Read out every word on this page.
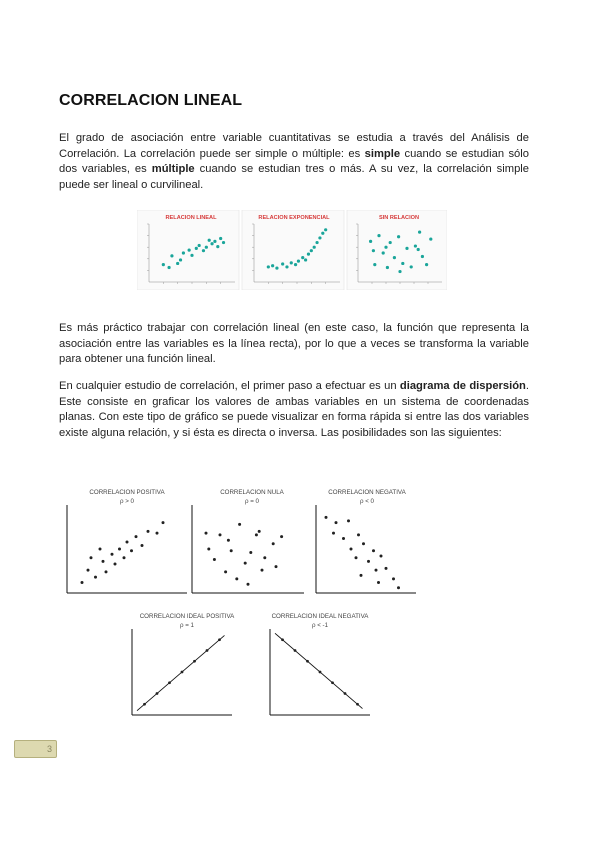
CORRELACION LINEAL

El grado de asociación entre variable cuantitativas se estudia a través del Análisis de Correlación. La correlación puede ser simple o múltiple: es simple cuando se estudian sólo dos variables, es múltiple cuando se estudian tres o más. A su vez, la correlación simple puede ser lineal o curvilineal.

RELACION LINEAL	RELACION EXPONENCIAL	SIN RELACION

Es más práctico trabajar con correlación lineal (en este caso, la función que representa la asociación entre las variables es la línea recta), por lo que a veces se transforma la variable para obtener una función lineal.

En cualquier estudio de correlación, el primer paso a efectuar es un diagrama de dispersión. Este consiste en graficar los valores de ambas variables en un sistema de coordenadas planas. Con este tipo de gráfico se puede visualizar en forma rápida si entre las dos variables existe alguna relación, y si ésta es directa o inversa. Las posibilidades son las siguientes:

CORRELACION POSITIVA
ρ > 0
CORRELACION NULA
ρ = 0
CORRELACION NEGATIVA
ρ < 0
CORRELACION IDEAL POSITIVA
ρ = 1
CORRELACION IDEAL NEGATIVA
ρ < -1
3
